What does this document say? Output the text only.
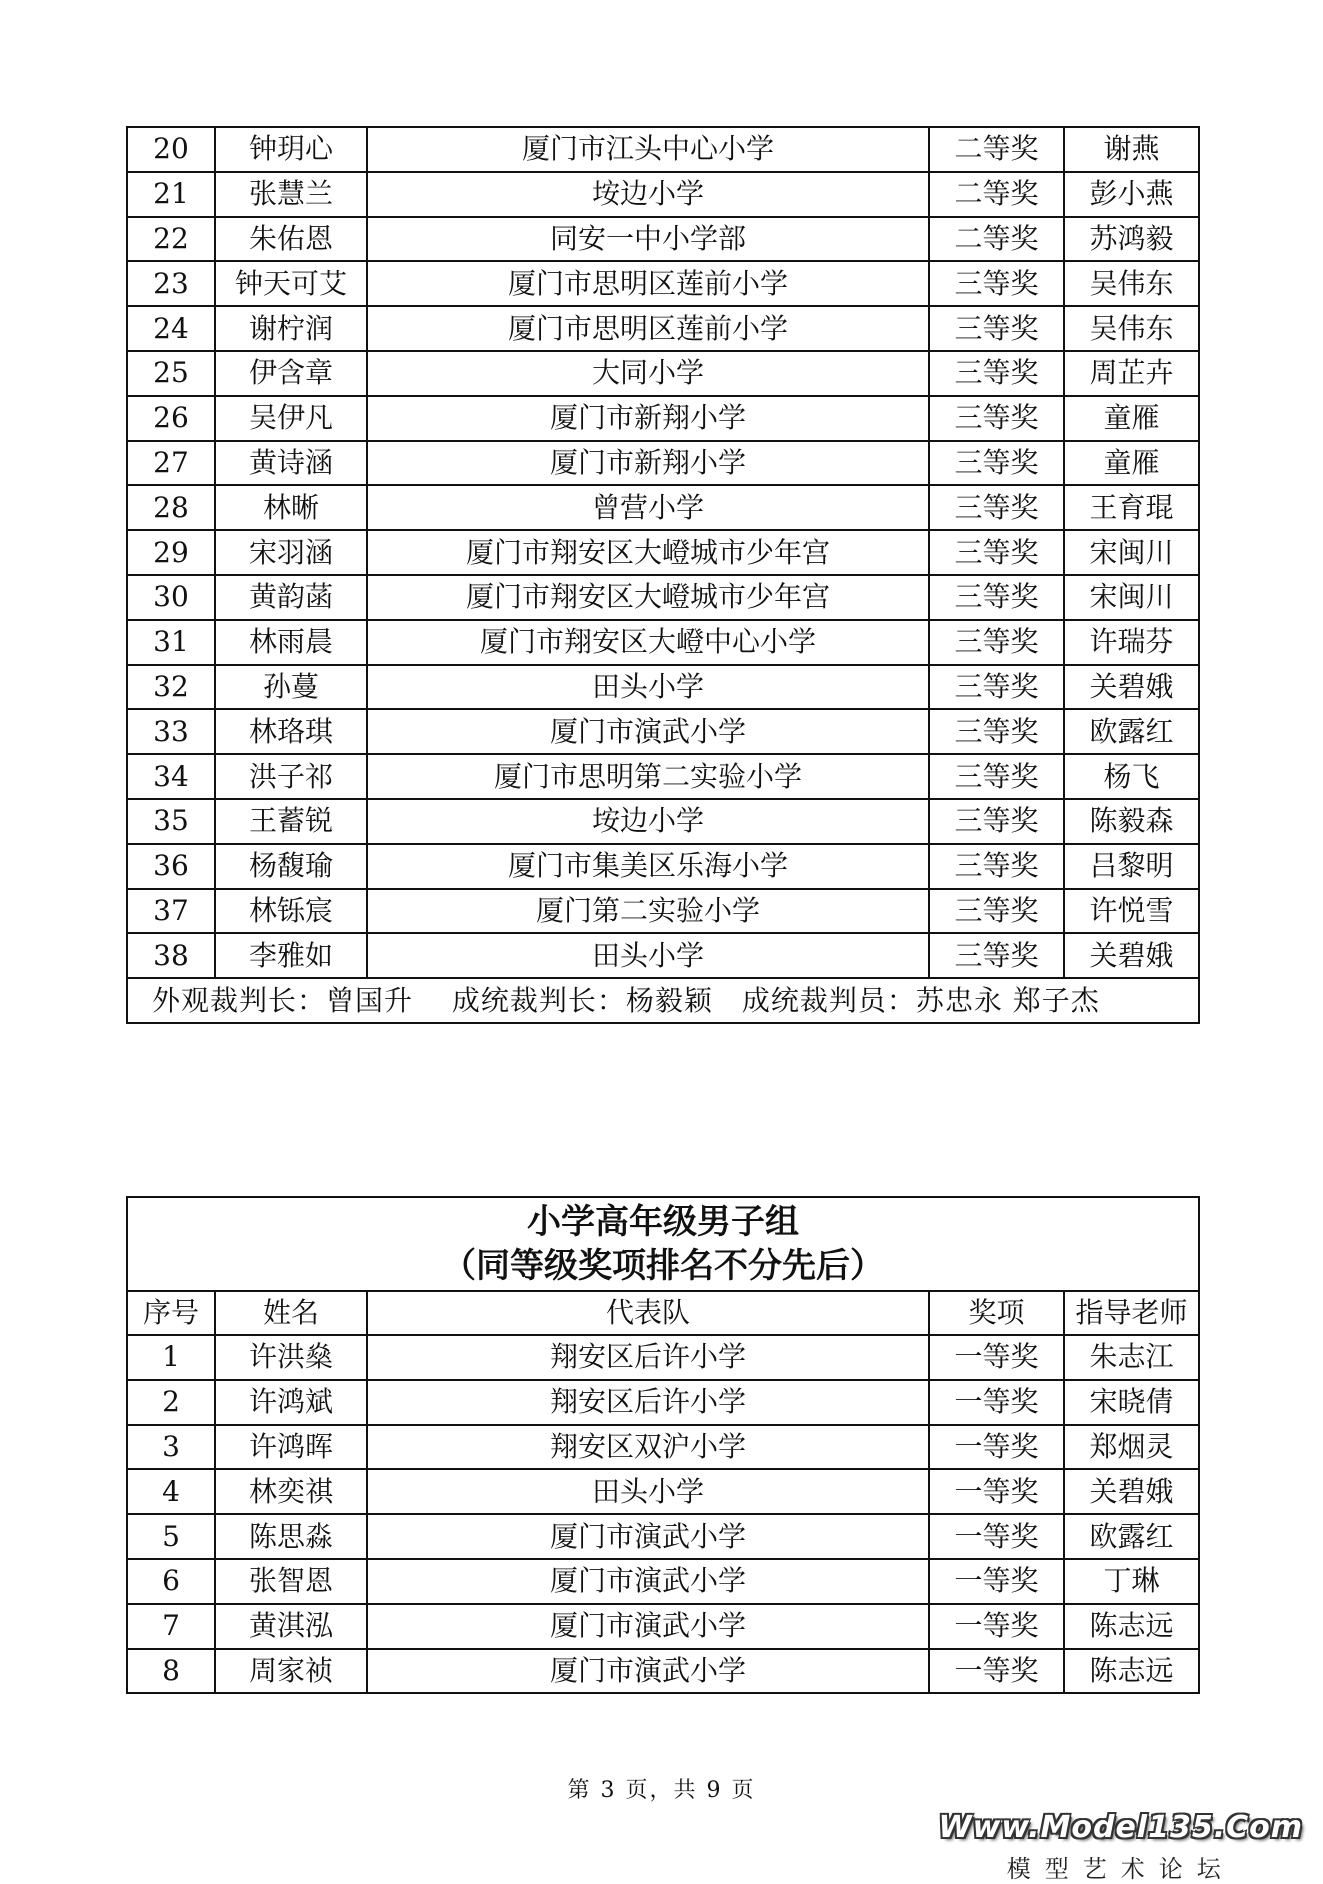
20	钟玥心	厦门市江头中心小学	二等奖	谢燕
21	张慧兰	垵边小学	二等奖	彭小燕
22	朱佑恩	同安一中小学部	二等奖	苏鸿毅
23	钟天可艾	厦门市思明区莲前小学	三等奖	吴伟东
24	谢柠润	厦门市思明区莲前小学	三等奖	吴伟东
25	伊含章	大同小学	三等奖	周芷卉
26	吴伊凡	厦门市新翔小学	三等奖	童雁
27	黄诗涵	厦门市新翔小学	三等奖	童雁
28	林晰	曾营小学	三等奖	王育琨
29	宋羽涵	厦门市翔安区大嶝城市少年宫	三等奖	宋闽川
30	黄韵菡	厦门市翔安区大嶝城市少年宫	三等奖	宋闽川
31	林雨晨	厦门市翔安区大嶝中心小学	三等奖	许瑞芬
32	孙蔓	田头小学	三等奖	关碧娥
33	林珞琪	厦门市演武小学	三等奖	欧露红
34	洪子祁	厦门市思明第二实验小学	三等奖	杨飞
35	王蓄锐	垵边小学	三等奖	陈毅森
36	杨馥瑜	厦门市集美区乐海小学	三等奖	吕黎明
37	林铄宸	厦门第二实验小学	三等奖	许悦雪
38	李雅如	田头小学	三等奖	关碧娥
外观裁判长：曾国升　 成统裁判长：杨毅颖　成统裁判员：苏忠永 郑子杰				
小学高年级男子组
（同等级奖项排名不分先后）				

序号	姓名	代表队	奖项	指导老师
1	许洪燊	翔安区后许小学	一等奖	朱志江
2	许鸿斌	翔安区后许小学	一等奖	宋晓倩
3	许鸿晖	翔安区双沪小学	一等奖	郑烟灵
4	林奕祺	田头小学	一等奖	关碧娥
5	陈思淼	厦门市演武小学	一等奖	欧露红
6	张智恩	厦门市演武小学	一等奖	丁琳
7	黄淇泓	厦门市演武小学	一等奖	陈志远
8	周家祯	厦门市演武小学	一等奖	陈志远
第 3 页，共 9 页
Www.Model135.Com
模型艺术论坛
